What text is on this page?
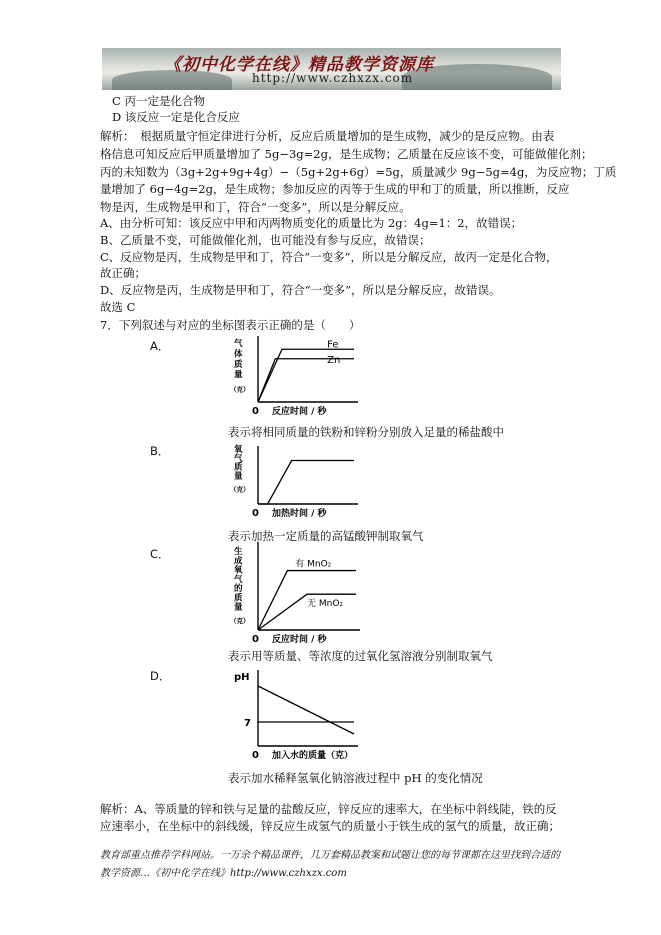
《初中化学在线》精品教学资源库
http://www.czhxzx.com
C 丙一定是化合物
D 该反应一定是化合反应
解析：　根据质量守恒定律进行分析，反应后质量增加的是生成物，减少的是反应物。由表
格信息可知反应后甲质量增加了 5g−3g=2g，是生成物；乙质量在反应该不变，可能做催化剂；
丙的未知数为（3g+2g+9g+4g）−（5g+2g+6g）=5g，质量减少 9g−5g=4g，为反应物；丁质
量增加了 6g−4g=2g，是生成物；参加反应的丙等于生成的甲和丁的质量，所以推断，反应
物是丙，生成物是甲和丁，符合“一变多”，所以是分解反应。
A、由分析可知：该反应中甲和丙两物质变化的质量比为 2g：4g=1：2，故错误；
B、乙质量不变，可能做催化剂，也可能没有参与反应，故错误；
C、反应物是丙，生成物是甲和丁，符合“一变多”，所以是分解反应，故丙一定是化合物，
故正确；
D、反应物是丙，生成物是甲和丁，符合“一变多”，所以是分解反应，故错误。
故选 C
7．下列叙述与对应的坐标图表示正确的是（　　）
A．
0 反应时间 / 秒
气体质量（克）
Fe
Zn
表示将相同质量的铁粉和锌粉分别放入足量的稀盐酸中
B．
0 加热时间 / 秒
氧气质量（克）
表示加热一定质量的高锰酸钾制取氧气
C．
0 反应时间 / 秒
生成氧气的质量（克）
有 MnO₂
无 MnO₂
表示用等质量、等浓度的过氧化氢溶液分别制取氧气
D．
0 加入水的质量（克）
pH
7
表示加水稀释氢氧化钠溶液过程中 pH 的变化情况
解析：A、等质量的锌和铁与足量的盐酸反应，锌反应的速率大，在坐标中斜线陡，铁的反
应速率小，在坐标中的斜线缓，锌反应生成氢气的质量小于铁生成的氢气的质量，故正确；
教育部重点推荐学科网站。一万余个精品课件，几万套精品教案和试题让您的每节课都在这里找到合适的
教学资源…《初中化学在线》http://www.czhxzx.com
